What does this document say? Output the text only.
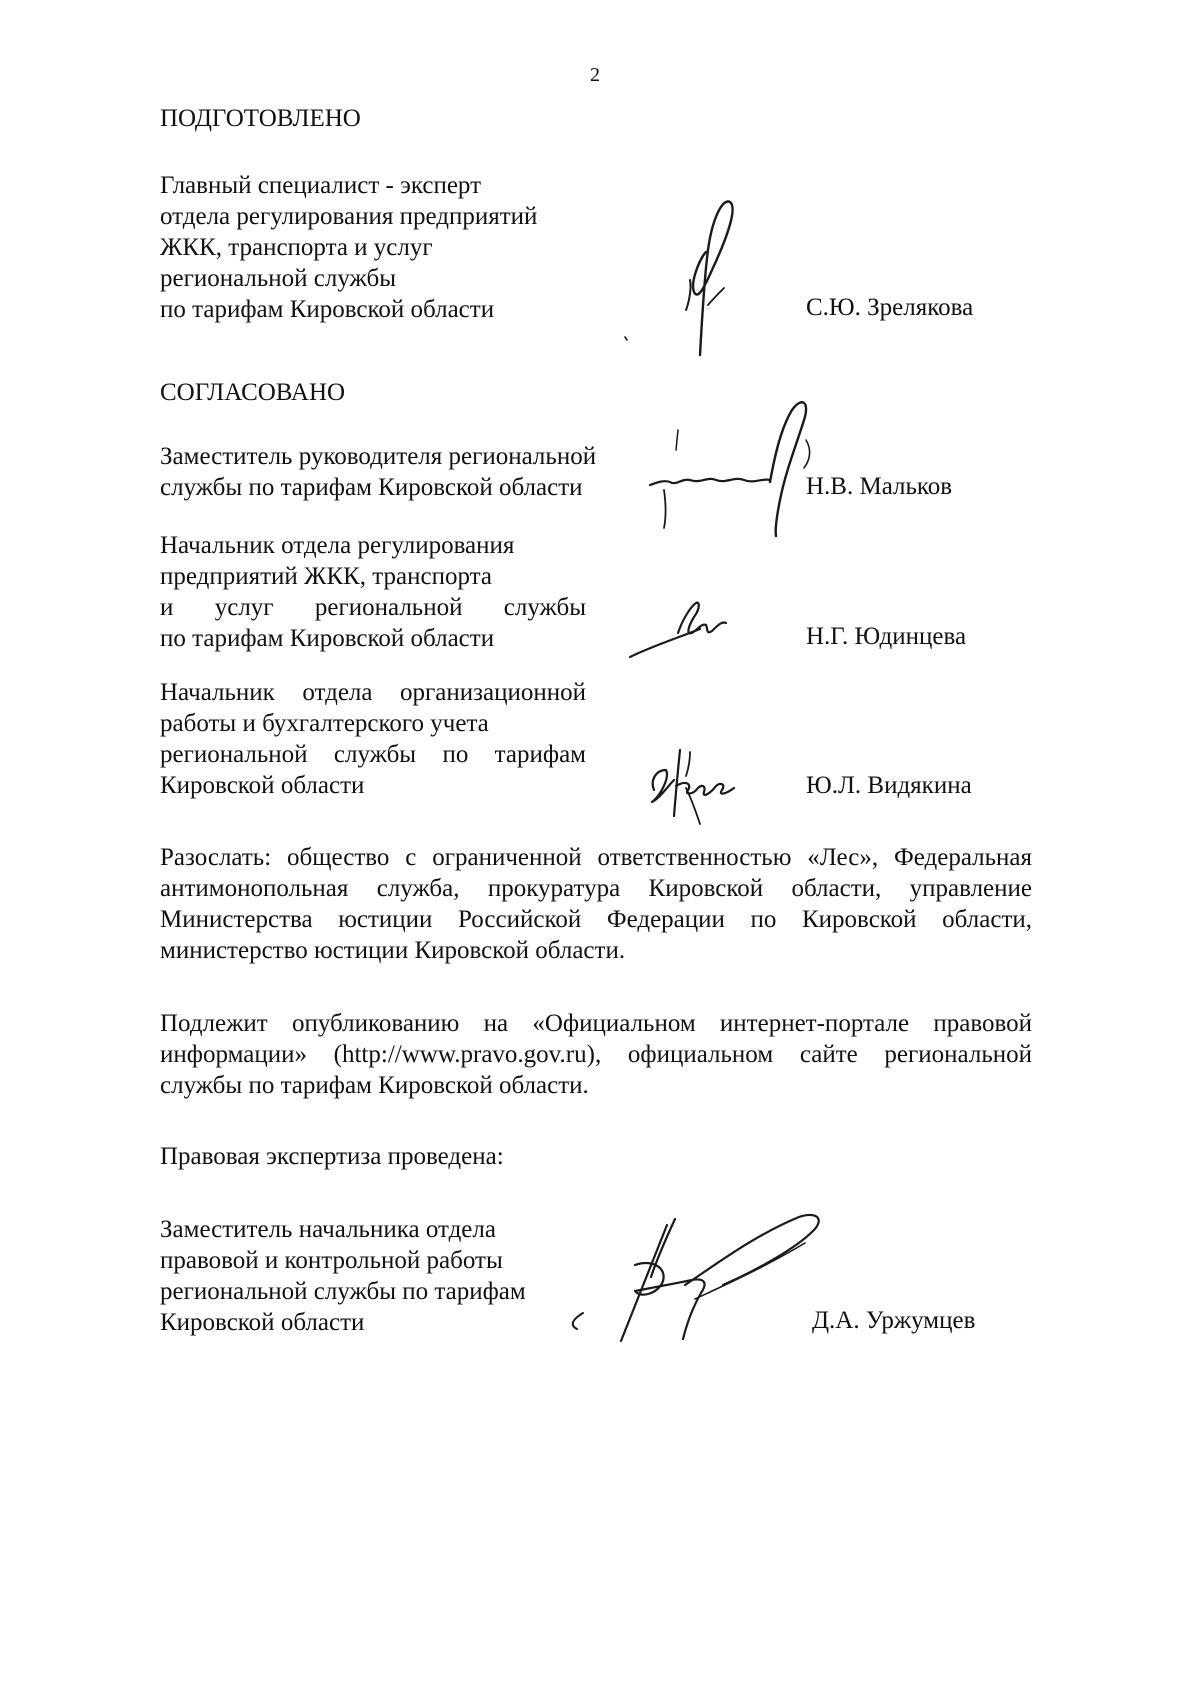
2
ПОДГОТОВЛЕНО
Главный специалист - эксперт
отдела регулирования предприятий
ЖКК, транспорта и услуг
региональной службы
по тарифам Кировской области	С.Ю. Зрелякова
СОГЛАСОВАНО
Заместитель руководителя региональной
службы по тарифам Кировской области	Н.В. Мальков
Начальник отдела регулирования
предприятий ЖКК, транспорта
и услуг региональной службы
по тарифам Кировской области	Н.Г. Юдинцева
Начальник отдела организационной
работы и бухгалтерского учета
региональной службы по тарифам
Кировской области	Ю.Л. Видякина
Разослать: общество с ограниченной ответственностью «Лес», Федеральная
антимонопольная служба, прокуратура Кировской области, управление
Министерства юстиции Российской Федерации по Кировской области,
министерство юстиции Кировской области.
Подлежит опубликованию на «Официальном интернет-портале правовой
информации» (http://www.pravo.gov.ru), официальном сайте региональной
службы по тарифам Кировской области.
Правовая экспертиза проведена:
Заместитель начальника отдела
правовой и контрольной работы
региональной службы по тарифам
Кировской области	Д.А. Уржумцев
